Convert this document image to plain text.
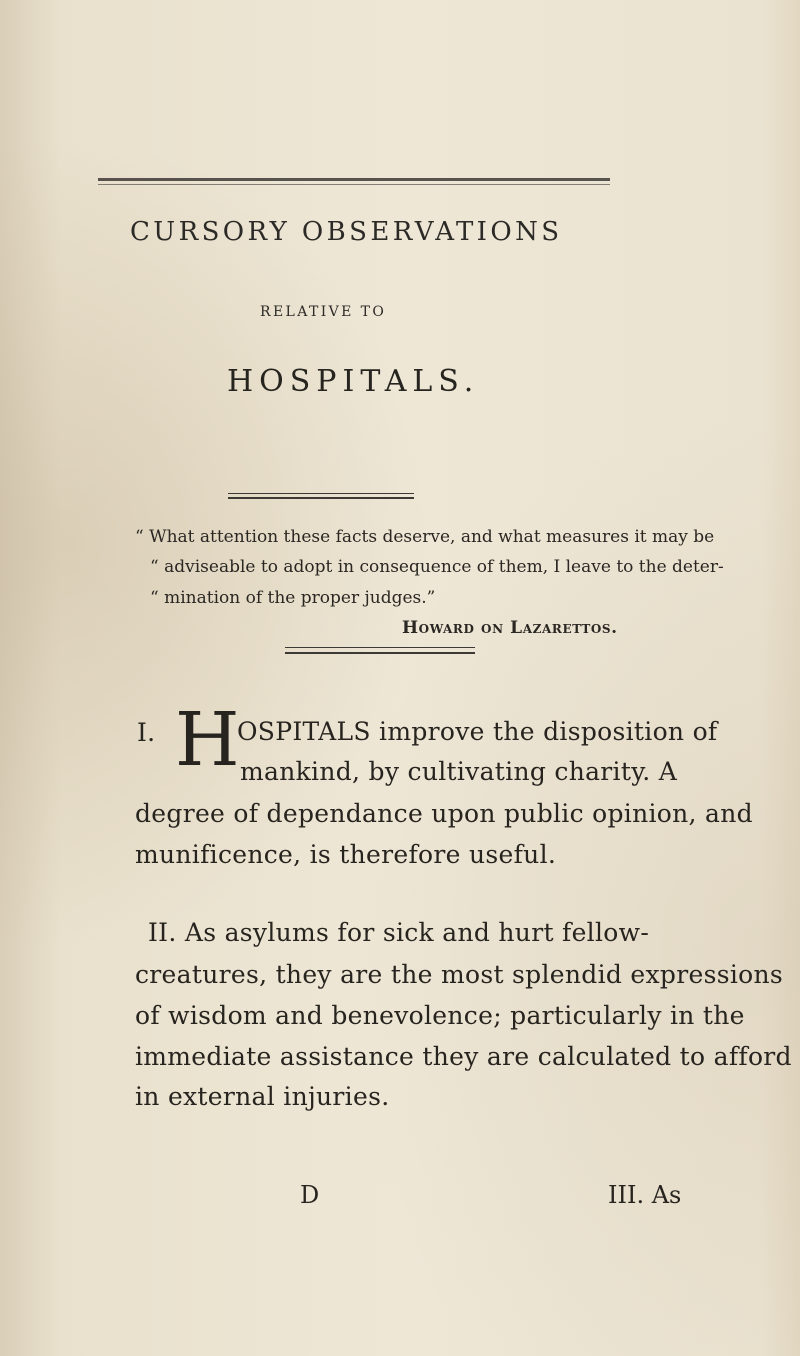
CURSORY OBSERVATIONS
RELATIVE TO
HOSPITALS.
“ What attention these facts deserve, and what measures it may be
“ adviseable to adopt in consequence of them, I leave to the deter-
“ mination of the proper judges.”
Howard on Lazarettos.
I. H
OSPITALS improve the disposition of
mankind, by cultivating charity. A
degree of dependance upon public opinion, and
munificence, is therefore useful.
II. As asylums for sick and hurt fellow-
creatures, they are the most splendid expressions
of wisdom and benevolence; particularly in the
immediate assistance they are calculated to afford
in external injuries.
D	III. As
